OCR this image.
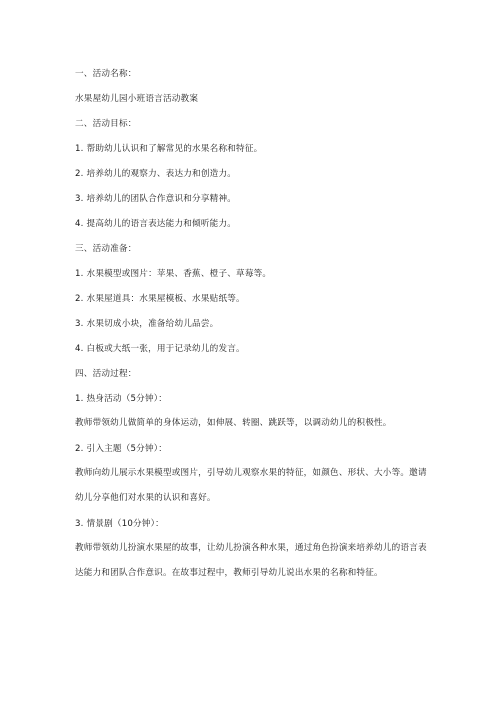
一、活动名称：
水果屋幼儿园小班语言活动教案
二、活动目标：
1. 帮助幼儿认识和了解常见的水果名称和特征。
2. 培养幼儿的观察力、表达力和创造力。
3. 培养幼儿的团队合作意识和分享精神。
4. 提高幼儿的语言表达能力和倾听能力。
三、活动准备：
1. 水果模型或图片：苹果、香蕉、橙子、草莓等。
2. 水果屋道具：水果屋模板、水果贴纸等。
3. 水果切成小块，准备给幼儿品尝。
4. 白板或大纸一张，用于记录幼儿的发言。
四、活动过程：
1. 热身活动（5分钟）：
教师带领幼儿做简单的身体运动，如伸展、转圈、跳跃等，以调动幼儿的积极性。
2. 引入主题（5分钟）：
教师向幼儿展示水果模型或图片，引导幼儿观察水果的特征，如颜色、形状、大小等。邀请幼儿分享他们对水果的认识和喜好。
3. 情景剧（10分钟）：
教师带领幼儿扮演水果屋的故事，让幼儿扮演各种水果，通过角色扮演来培养幼儿的语言表达能力和团队合作意识。在故事过程中，教师引导幼儿说出水果的名称和特征。
